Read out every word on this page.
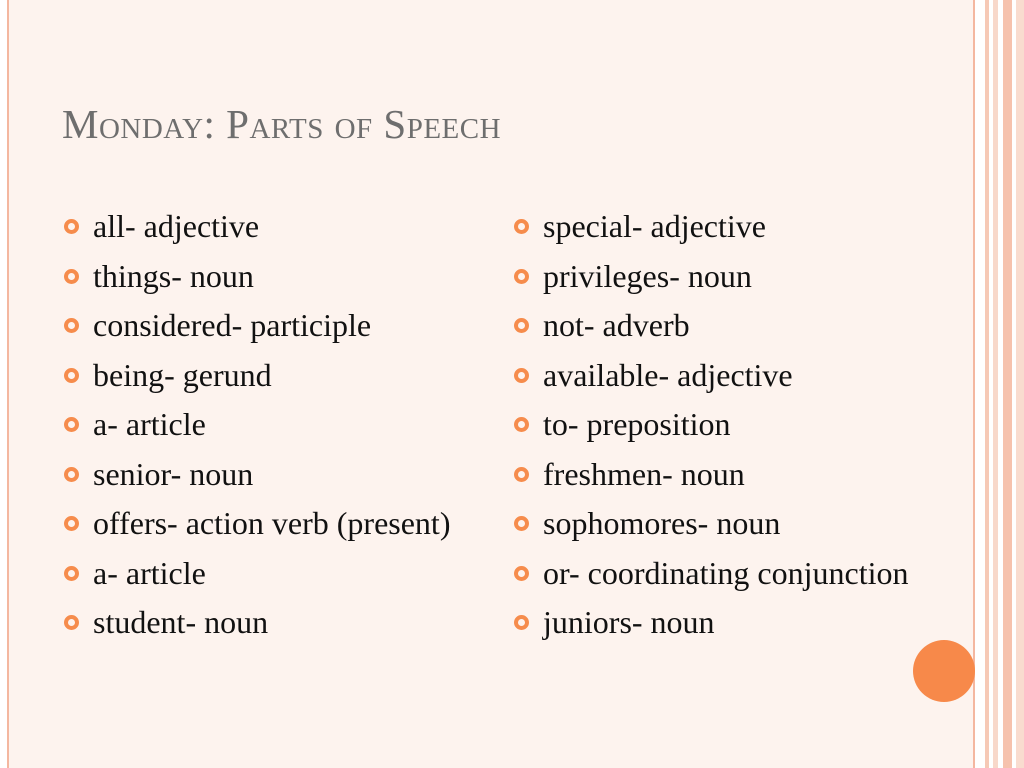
Monday: Parts of Speech
all- adjective
things- noun
considered- participle
being- gerund
a- article
senior- noun
offers- action verb (present)
a- article
student- noun
special- adjective
privileges- noun
not- adverb
available- adjective
to- preposition
freshmen- noun
sophomores- noun
or- coordinating conjunction
juniors- noun
